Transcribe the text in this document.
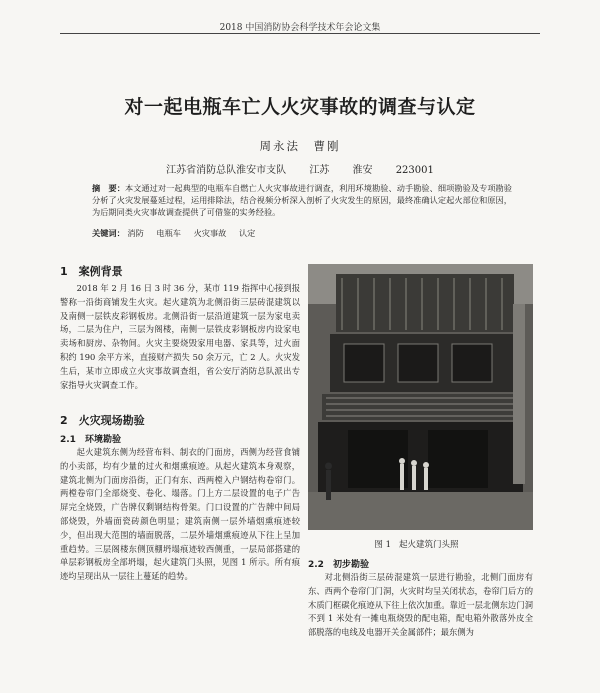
2018 中国消防协会科学技术年会论文集
对一起电瓶车亡人火灾事故的调查与认定
周永法　曹刚
江苏省消防总队淮安市支队 江苏 淮安 223001
摘　要：本文通过对一起典型的电瓶车自燃亡人火灾事故进行调查，利用环境勘验、动手勘验、细项勘验及专项勘验分析了火灾发展蔓延过程，运用排除法，结合视频分析深入剖析了火灾发生的原因，最终准确认定起火部位和原因，为后期同类火灾事故调查提供了可借鉴的实务经验。
关键词： 消防 电瓶车 火灾事故 认定
1　案例背景

2018 年 2 月 16 日 3 时 36 分，某市 119 指挥中心接到报警称一沿街商铺发生火灾。起火建筑为北侧沿街三层砖混建筑以及南侧一层铁皮彩钢板房。北侧沿街一层沿道建筑一层为家电卖场，二层为住户，三层为阁楼，南侧一层铁皮彩钢板房内设家电卖场和厨房、杂物间。火灾主要烧毁家用电器、家具等，过火面积约 190 余平方米，直接财产损失 50 余万元，亡 2 人。火灾发生后，某市立即成立火灾事故调查组，省公安厅消防总队派出专家指导火灾调查工作。

2　火灾现场勘验
2.1　环境勘验

起火建筑东侧为经营布料、制衣的门面房，西侧为经营食铺的小卖部，均有少量的过火和烟熏痕迹。从起火建筑本身观察，建筑北侧为门面房沿街，正门有东、西两樘入户钢结构卷帘门。两樘卷帘门全部烧变、卷化、塌落。门上方二层设置的电子广告屏完全烧毁，广告牌仅剩钢结构骨架。门口设置的广告牌中间局部烧毁，外墙面瓷砖颜色明显；建筑南侧一层外墙烟熏痕迹较少，但出现大范围的墙面脱落，二层外墙烟熏痕迹从下往上呈加重趋势。三层阁楼东侧顶棚坍塌痕迹较西侧重，一层局部搭建的单层彩钢板房全部坍塌，起火建筑门头照，见图 1 所示。所有痕迹均呈现出从一层往上蔓延的趋势。

图 1 起火建筑门头照
2.2　初步勘验

对北侧沿街三层砖混建筑一层进行勘验，北侧门面房有东、西两个卷帘门门洞，火灾时均呈关闭状态，卷帘门后方的木质门框碳化痕迹从下往上依次加重。靠近一层北侧东边门洞不到 1 米处有一摊电瓶烧毁的配电箱，配电箱外散落外皮全部脱落的电线及电器开关金属部件；最东侧为
